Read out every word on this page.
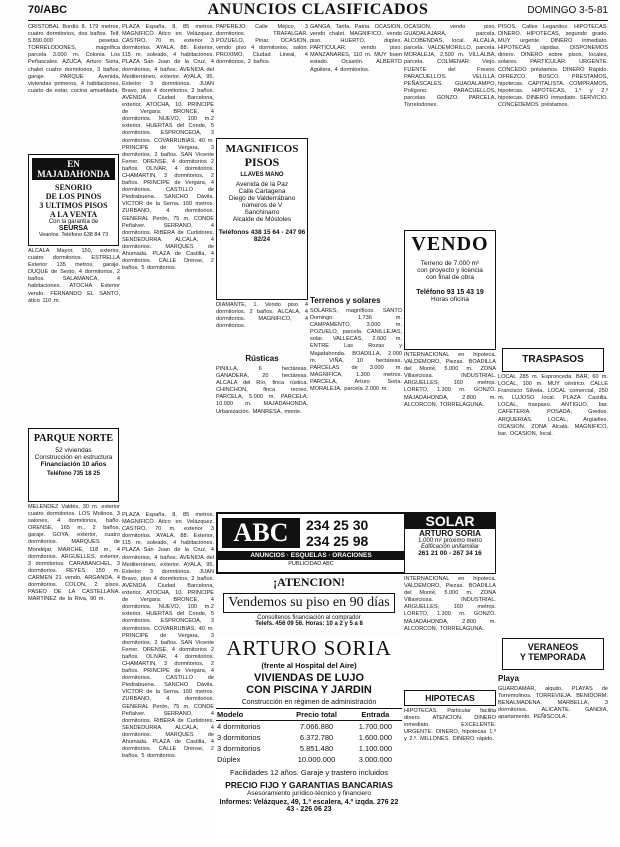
70/ABC	ANUNCIOS CLASIFICADOS	DOMINGO 3-5-81
CRISTOBAL Bordiú 8, 179 metros, cuatro dormitorios, dos baños. Telf. 5.890.000 pesetas. TORRELODONES, magnífica parcela 3.000 m. Colonia Los Peñascales. AZUCA, Arturo Soria, chalet cuatro dormitorios, 3 baños, garaje. PARQUE Avenida, viviendas primeros, 4 habitaciones, cuarto de estar, cocina amueblada.
EN MAJADAHONDA
SENORIO
DE LOS PINOS
3 ULTIMOS PISOS
A LA VENTA
Con la garantía de
SEURSA
Veanlos. Teléfono 638 84 73
ALCALA Mayor, 150, exterior, cuatro dormitorios. ESTRELLA Exterior 135 metros, garaje. DUQUE de Sesto, 4 dormitorios, 2 baños. SALAMANCA, 4 habitaciones. ATOCHA Exterior vendo. FERNANDO EL SANTO, ático 110 m.
PARQUE NORTE
52 viviendas
Construcción en estructura
Financiación 10 años
Teléfono 735 18 25
MELENDEZ Valdés, 30 m. exterior cuatro dormitorios. LOS Molinos, 3 salones, 4 dormitorios, baño. ORENSE, 165 m., 2 baños, garaje. GOYA, exterior, cuatro dormitorios. MARQUES de Mondéjar. MARCHE, 118 m., 4 dormitorios. ARGUELLES, exterior, 3 dormitorios. CARABANCHEL, 3 dormitorios. REYES, 150 m. CARMEN 21 vendo. ARGANDA, 4 dormitorios. COLON, 2 pisos. PASEO DE LA CASTELLANA. MARTINEZ de la Riva, 90 m.
PLAZA España, 8, 85 metros. MAGNIFICO Atico en Velázquez. CASTRO, 70 m. exterior 3 dormitorios. AYALA, 88. Exterior, 115 m. soleado, 4 habitaciones. PLAZA San Juan de la Cruz, 4 dormitorios, 4 baños. AVENIDA del Mediterráneo, exterior. AYALA, 95. Exterior 3 dormitorios. JUAN Bravo, piso 4 dormitorios, 2 baños. AVENIDA Ciudad Barcelona, exterior. ATOCHA, 10. PRINCIPE de Vergara. BRONCE, 4 dormitorios. NUEVO, 100 m.2 exterior. HUERTAS del Conde, 5 dormitorios. ESPRONCEDA, 3 dormitorios. COVARRUBIAS, 40 m. PRINCIPE de Vergara, 3 dormitorios, 2 baños. SAN Vicente Ferrer. ORENSE, 4 dormitorios 2 baños. OLIVAR, 4 dormitorios. CHAMARTIN, 3 dormitorios, 2 baños. PRINCIPE de Vergara, 4 dormitorios. CASTILLO de Piedrabuena. SANCHO Dávila. VICTOR de la Serna, 160 metros. ZURBANO, 4 dormitorios. GENERAL Perón, 75 m. CONDE Peñalver. SERRANO, 4 dormitorios. RIBERA de Curtidores. SENDEDURRA. ALCALA, 4 dormitorios. MARQUES de Ahumada. PLAZA de Castilla, 4 dormitorios. CALLE Orense, 2 baños, 5 dormitorios.
PAPEREJO Calle Méjico, 3 dormitorios. TRAFALGAR. POZUELO, Pinar. OCASION, vendo piso 4 dormitorios, salón. PROXIMO, Ciudad Lineal, 4 dormitorios, 2 baños.
MAGNIFICOS
PISOS
LLAVES MANO
Avenida de la Paz
Calle Cartagena
Diego de Valderrábano
números de V
Sanchinarro
Alcalde de Móstoles
Teléfonos 438 15 64 - 247 96 82/24
DIAMANTE, 1. Vendo piso 4 dormitorios, 2 baños. ALCALA, 4 dormitorios. MAGNIFICO, 4 dormitorios.
Rústicas
PINILLA, 6 hectáreas. GANADERA, 20 hectáreas. ALCALA del Río, finca rústica. CHINCHON, finca recreo. PARCELA, 5.000 m. PARCELA, 10.000 m. MAJADAHONDA, Urbanización. MANRESA, monte.
GANGA, Tarifa. Patria. OCASION, vendo chalet. MAGNIFICO, vendo piso. HUERTO, dúplex. PARTICULAR, vendo piso. MANZANARES, 110 m. MUY buen estado. Ocasión. ALBERTO Aguilera, 4 dormitorios.
Terrenos y solares
SOLARES, magníficos. SANTO Domingo. 1.736 m. CAMPAMENTO, 3.000 m. POZUELO, parcela. CANILLEJAS, solar. VALLECAS, 2.600 m. ENTRE Las Rozas y Majadahonda. BOADILLA, 2.000 m. VIÑA, 10 hectáreas. PARCELAS de 3.000 m. MAGNIFICA, 1.300 metros. PARCELA, Arturo Soria. MORALEJA, parcela 2.000 m.
ABC	234 25 30
234 25 98
ANUNCIOS · ESQUELAS · ORACIONES
PUBLICIDAD ABC
¡ATENCION!
Vendemos su piso en 90 días
Consúltenos financiación al comprador
Telefs. 456 09 56. Horas: 10 a 2 y 5 a 8
ARTURO SORIA
(frente al Hospital del Aire)
VIVIENDAS DE LUJO
CON PISCINA Y JARDIN
Construcción en régimen de administración
Modelo	Precio total	Entrada
4 dormitorios	7.066.880	1.700.000
3 dormitorios	6.372.780	1.600.000
3 dormitorios	5.851.480	1.100.000
Dúplex	10.000.000	3.000.000
Facilidades 12 años. Garaje y trastero incluidos
PRECIO FIJO Y GARANTIAS BANCARIAS
Asesoramiento jurídico-técnico y financiero
Informes: Velázquez, 49, 1.ª escalera, 4.º izqda. 276 22 43 - 226 06 23
PLAZA España, 8, 85 metros. MAGNIFICO Atico en Velázquez. CASTRO, 70 m. exterior 3 dormitorios. AYALA, 88. Exterior, 115 m. soleado, 4 habitaciones. PLAZA San Juan de la Cruz, 4 dormitorios, 4 baños. AVENIDA del Mediterráneo, exterior. AYALA, 95. Exterior 3 dormitorios. JUAN Bravo, piso 4 dormitorios, 2 baños. AVENIDA Ciudad Barcelona, exterior. ATOCHA, 10. PRINCIPE de Vergara. BRONCE, 4 dormitorios. NUEVO, 100 m.2 exterior. HUERTAS del Conde, 5 dormitorios. ESPRONCEDA, 3 dormitorios. COVARRUBIAS, 40 m. PRINCIPE de Vergara, 3 dormitorios, 2 baños. SAN Vicente Ferrer. ORENSE, 4 dormitorios 2 baños. OLIVAR, 4 dormitorios. CHAMARTIN, 3 dormitorios, 2 baños. PRINCIPE de Vergara, 4 dormitorios. CASTILLO de Piedrabuena. SANCHO Dávila. VICTOR de la Serna, 160 metros. ZURBANO, 4 dormitorios. GENERAL Perón, 75 m. CONDE Peñalver. SERRANO, 4 dormitorios. RIBERA de Curtidores. SENDEDURRA. ALCALA, 4 dormitorios. MARQUES de Ahumada. PLAZA de Castilla, 4 dormitorios. CALLE Orense, 2 baños, 5 dormitorios.
OCASION, vendo piso. GUADALAJARA, parcela. ALCOBENDAS, local. ALCALA, parcela. VALDEMORILLO, parcela. MORALEJA, 2.500 m. VILLALBA, parcela. COLMENAR Viejo. FUENTE del Fresno. PARACUELLOS. VELILLA. PEÑASCALES. GUADALAMPO, Polígono. PARACUELLOS, parcelas. GONZO. PARCELA, Torrelodones.
VENDO
Terreno de 7.000 m²
con proyecto y licencia
con final de obra
Teléfono 93 15 43 19
Horas oficina
INTERNACIONAL en hipoteca. VALDEMORO, Piezas. BOADILLA del Monte, 5.000 m. ZONA Villaviciosa. INDUSTRIAL. ARGUELLES, 160 metros. LORETO, 1.300 m. GONZO. MAJADAHONDA, 2.800 m. ALCORCON. TORRELAGUNA.
SOLAR
ARTURO SORIA
1.000 m² próximo metro
Edificación unifamiliar
261 21 00 - 267 34 16
INTERNACIONAL en hipoteca. VALDEMORO, Piezas. BOADILLA del Monte, 5.000 m. ZONA Villaviciosa. INDUSTRIAL. ARGUELLES, 160 metros. LORETO, 1.300 m. GONZO. MAJADAHONDA, 2.800 m. ALCORCON. TORRELAGUNA.
HIPOTECAS
HIPOTECAS. Particular facilita dinero. ATENCION. DINERO inmediato. EXCELENTE. URGENTE. DINERO, hipotecas 1.º y 2.º. MILLONES. DINERO rápido.
PISOS, Calles Leganitos. HIPOTECAS. DINERO. HIPOTECAS, segundo grado. MUY urgente. DINERO inmediato. HIPOTECAS rápidas. DISPONEMOS dinero. DINERO sobre pisos, locales, solares. PARTICULAR. URGENTE. CONCEDO préstamos. DINERO Rápido. OFREZCO. BUSCO. PRESTAMOS, hipotecas. CAPITALISTA. COMPRAMOS, hipotecas. HIPOTECAS, 1.º y 2.º hipotecas. DINERO inmediato. SERVICIO. CONCEDEMOS préstamos.
TRASPASOS
LOCAL 285 m. Espronceda. BAR, 60 m. LOCAL, 100 m. MUY céntrico. CALLE Francisco Silvela. LOCAL comercial, 250 m. LUJOSO local. PLAZA Castilla. LOCAL, traspaso. ANTIGUO, bar. CAFETERIA. POSADA, Gredos. ARQUERIAS. LOCAL, Argüelles. OCASION. ZONA Alcalá. MAGNIFICO, bar. OCASION, local.
VERANEOS
Y TEMPORADA
Playa
GUARDAMAR, alquilo. PLAYAS de Torremolinos. TORREVIEJA. BENIDORM. BENALMADENA. MARBELLA, 3 dormitorios. ALICANTE. GANDIA, apartamento. PEÑISCOLA.
